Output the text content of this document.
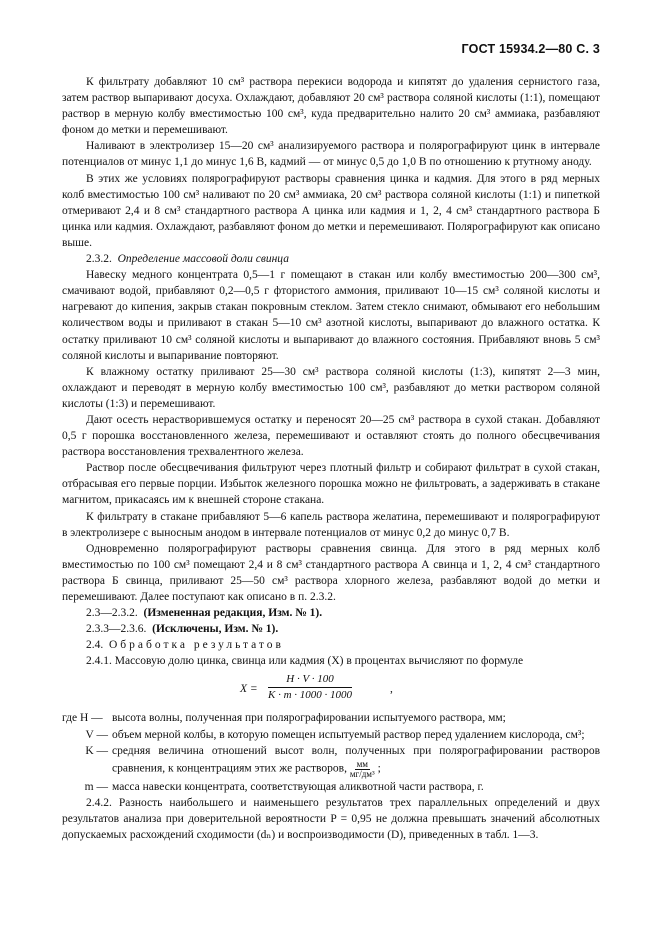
ГОСТ 15934.2—80 С. 3

К фильтрату добавляют 10 см³ раствора перекиси водорода и кипятят до удаления сернистого газа, затем раствор выпаривают досуха. Охлаждают, добавляют 20 см³ раствора соляной кислоты (1:1), помещают раствор в мерную колбу вместимостью 100 см³, куда предварительно налито 20 см³ аммиака, разбавляют фоном до метки и перемешивают.

Наливают в электролизер 15—20 см³ анализируемого раствора и полярографируют цинк в интервале потенциалов от минус 1,1 до минус 1,6 В, кадмий — от минус 0,5 до 1,0 В по отношению к ртутному аноду.

В этих же условиях полярографируют растворы сравнения цинка и кадмия. Для этого в ряд мерных колб вместимостью 100 см³ наливают по 20 см³ аммиака, 20 см³ раствора соляной кислоты (1:1) и пипеткой отмеривают 2,4 и 8 см³ стандартного раствора А цинка или кадмия и 1, 2, 4 см³ стандартного раствора Б цинка или кадмия. Охлаждают, разбавляют фоном до метки и перемешивают. Полярографируют как описано выше.

2.3.2. Определение массовой доли свинца

Навеску медного концентрата 0,5—1 г помещают в стакан или колбу вместимостью 200—300 см³, смачивают водой, прибавляют 0,2—0,5 г фтористого аммония, приливают 10—15 см³ соляной кислоты и нагревают до кипения, закрыв стакан покровным стеклом. Затем стекло снимают, обмывают его небольшим количеством воды и приливают в стакан 5—10 см³ азотной кислоты, выпаривают до влажного остатка. К остатку приливают 10 см³ соляной кислоты и выпаривают до влажного состояния. Прибавляют вновь 5 см³ соляной кислоты и выпаривание повторяют.

К влажному остатку приливают 25—30 см³ раствора соляной кислоты (1:3), кипятят 2—3 мин, охлаждают и переводят в мерную колбу вместимостью 100 см³, разбавляют до метки раствором соляной кислоты (1:3) и перемешивают.

Дают осесть нерастворившемуся остатку и переносят 20—25 см³ раствора в сухой стакан. Добавляют 0,5 г порошка восстановленного железа, перемешивают и оставляют стоять до полного обесцвечивания раствора восстановления трехвалентного железа.

Раствор после обесцвечивания фильтруют через плотный фильтр и собирают фильтрат в сухой стакан, отбрасывая его первые порции. Избыток железного порошка можно не фильтровать, а задерживать в стакане магнитом, прикасаясь им к внешней стороне стакана.

К фильтрату в стакане прибавляют 5—6 капель раствора желатина, перемешивают и полярографируют в электролизере с выносным анодом в интервале потенциалов от минус 0,2 до минус 0,7 В.

Одновременно полярографируют растворы сравнения свинца. Для этого в ряд мерных колб вместимостью по 100 см³ помещают 2,4 и 8 см³ стандартного раствора А свинца и 1, 2, 4 см³ стандартного раствора Б свинца, приливают 25—50 см³ раствора хлорного железа, разбавляют водой до метки и перемешивают. Далее поступают как описано в п. 2.3.2.

2.3—2.3.2. (Измененная редакция, Изм. № 1).

2.3.3—2.3.6. (Исключены, Изм. № 1).

2.4. Обработка результатов

2.4.1. Массовую долю цинка, свинца или кадмия (X) в процентах вычисляют по формуле

$X = \frac{H \cdot V \cdot 100}{K \cdot m \cdot 1000 \cdot 1000}$	,
где H — высота волны, полученная при полярографировании испытуемого раствора, мм;
V — объем мерной колбы, в которую помещен испытуемый раствор перед удалением кислорода, см³;
K — средняя величина отношений высот волн, полученных при полярографировании растворов сравнения, к концентрациям этих же растворов, мм
мг/дм³ ;
m — масса навески концентрата, соответствующая аликвотной части раствора, г.

2.4.2. Разность наибольшего и наименьшего результатов трех параллельных определений и двух результатов анализа при доверительной вероятности P = 0,95 не должна превышать значений абсолютных допускаемых расхождений сходимости (dₙ) и воспроизводимости (D), приведенных в табл. 1—3.
